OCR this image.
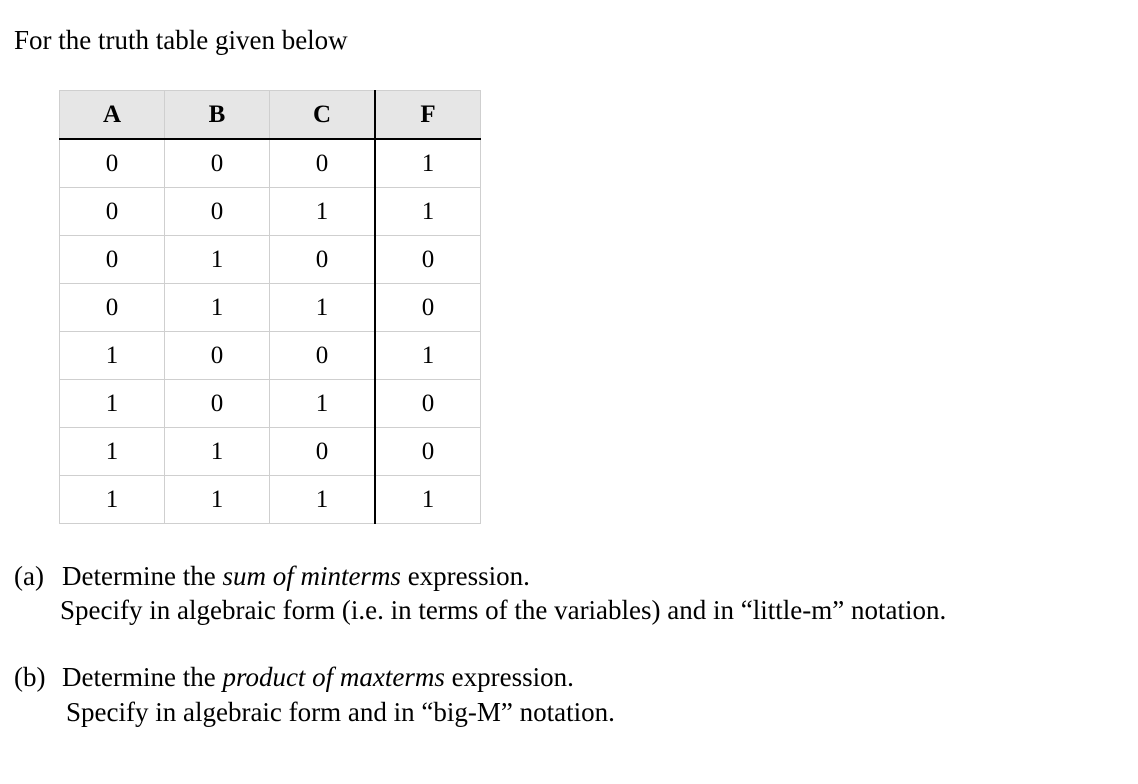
For the truth table given below
A	B	C	F
0	0	0	1
0	0	1	1
0	1	0	0
0	1	1	0
1	0	0	1
1	0	1	0
1	1	0	0
1	1	1	1
(a) Determine the sum of minterms expression.
Specify in algebraic form (i.e. in terms of the variables) and in “little-m” notation.
(b) Determine the product of maxterms expression.
Specify in algebraic form and in “big-M” notation.
